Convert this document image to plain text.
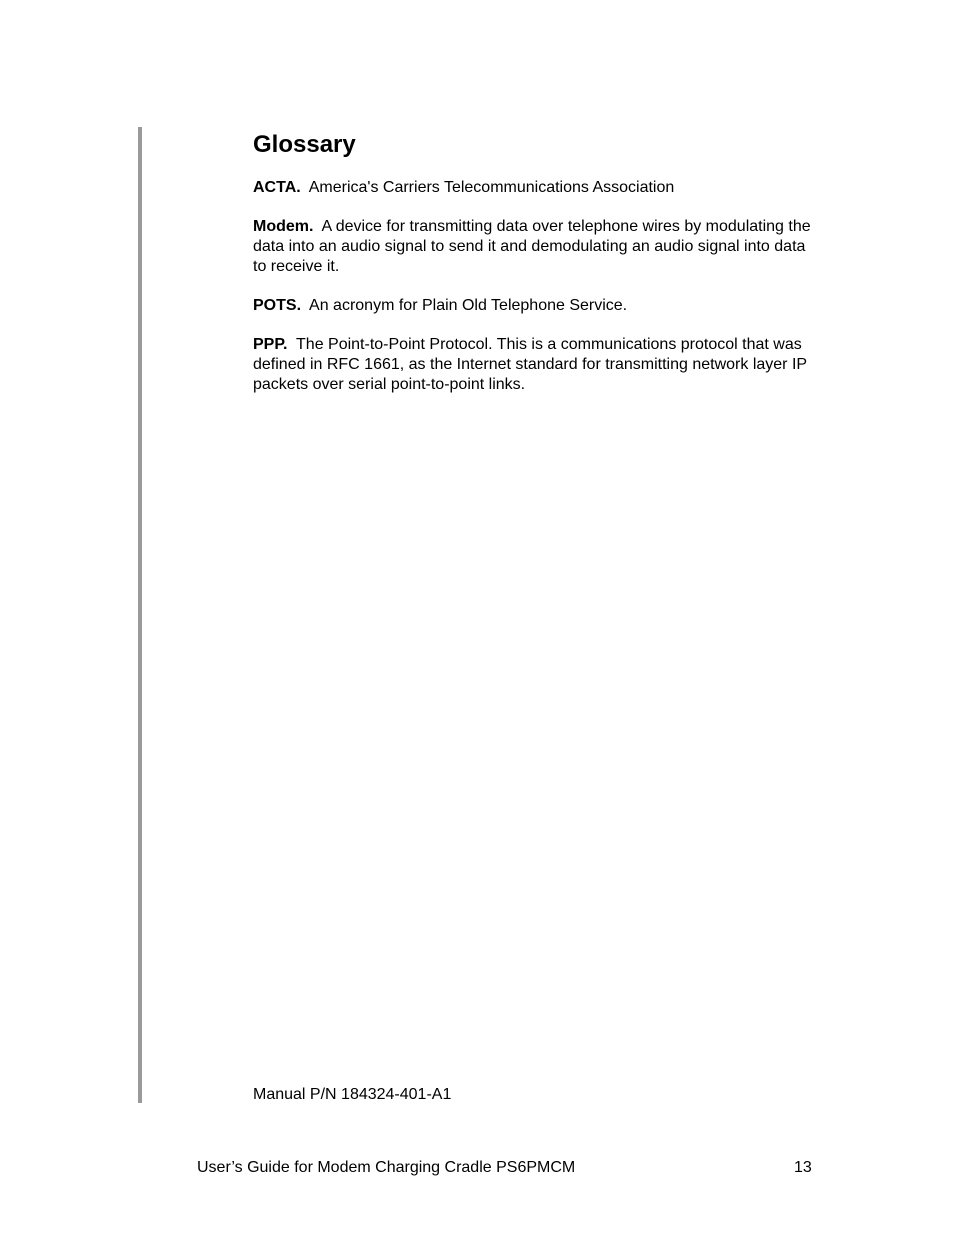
Glossary

ACTA. America's Carriers Telecommunications Association

Modem. A device for transmitting data over telephone wires by modulating the data into an audio signal to send it and demodulating an audio signal into data to receive it.

POTS. An acronym for Plain Old Telephone Service.

PPP. The Point-to-Point Protocol. This is a communications protocol that was defined in RFC 1661, as the Internet standard for transmitting network layer IP packets over serial point-to-point links.

Manual P/N 184324-401-A1
User’s Guide for Modem Charging Cradle PS6PMCM	13
